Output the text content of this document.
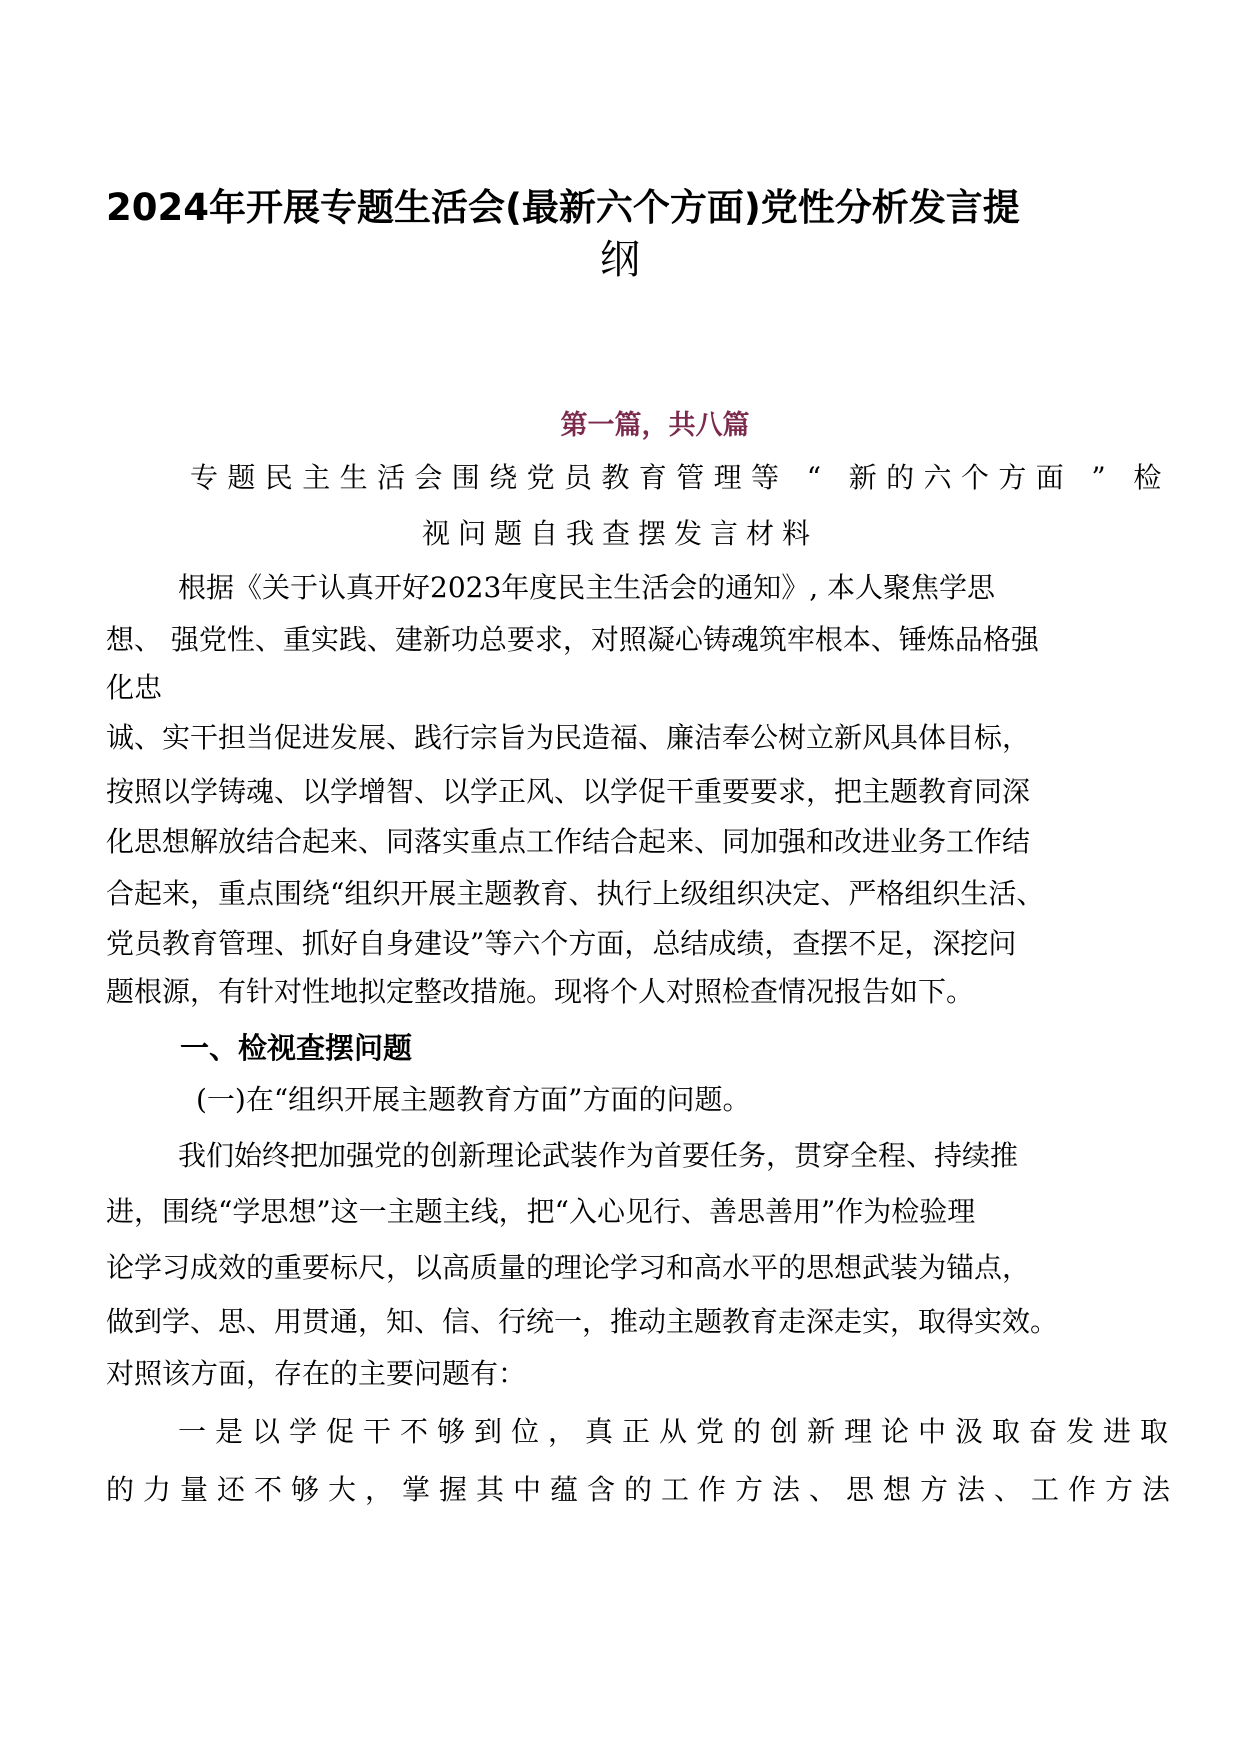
2024年开展专题生活会(最新六个方面)党性分析发言提
纲
第一篇，共八篇
专题民主生活会围绕党员教育管理等 “ 新的六个方面 ” 检
视问题自我查摆发言材料
根据《关于认真开好2023年度民主生活会的通知》, 本人聚焦学思
想、 强党性、重实践、建新功总要求，对照凝心铸魂筑牢根本、锤炼品格强
化忠
诚、实干担当促进发展、践行宗旨为民造福、廉洁奉公树立新风具体目标，
按照以学铸魂、以学增智、以学正风、以学促干重要要求，把主题教育同深
化思想解放结合起来、同落实重点工作结合起来、同加强和改进业务工作结
合起来，重点围绕“组织开展主题教育、执行上级组织决定、严格组织生活、
党员教育管理、抓好自身建设”等六个方面，总结成绩，查摆不足，深挖问
题根源，有针对性地拟定整改措施。现将个人对照检查情况报告如下。
一、检视查摆问题
(一)在“组织开展主题教育方面”方面的问题。
我们始终把加强党的创新理论武装作为首要任务，贯穿全程、持续推
进，围绕“学思想”这一主题主线，把“入心见行、善思善用”作为检验理
论学习成效的重要标尺，以高质量的理论学习和高水平的思想武装为锚点，
做到学、思、用贯通，知、信、行统一，推动主题教育走深走实，取得实效。
对照该方面，存在的主要问题有：
一是以学促干不够到位，真正从党的创新理论中汲取奋发进取
的力量还不够大，掌握其中蕴含的工作方法、思想方法、工作方法
